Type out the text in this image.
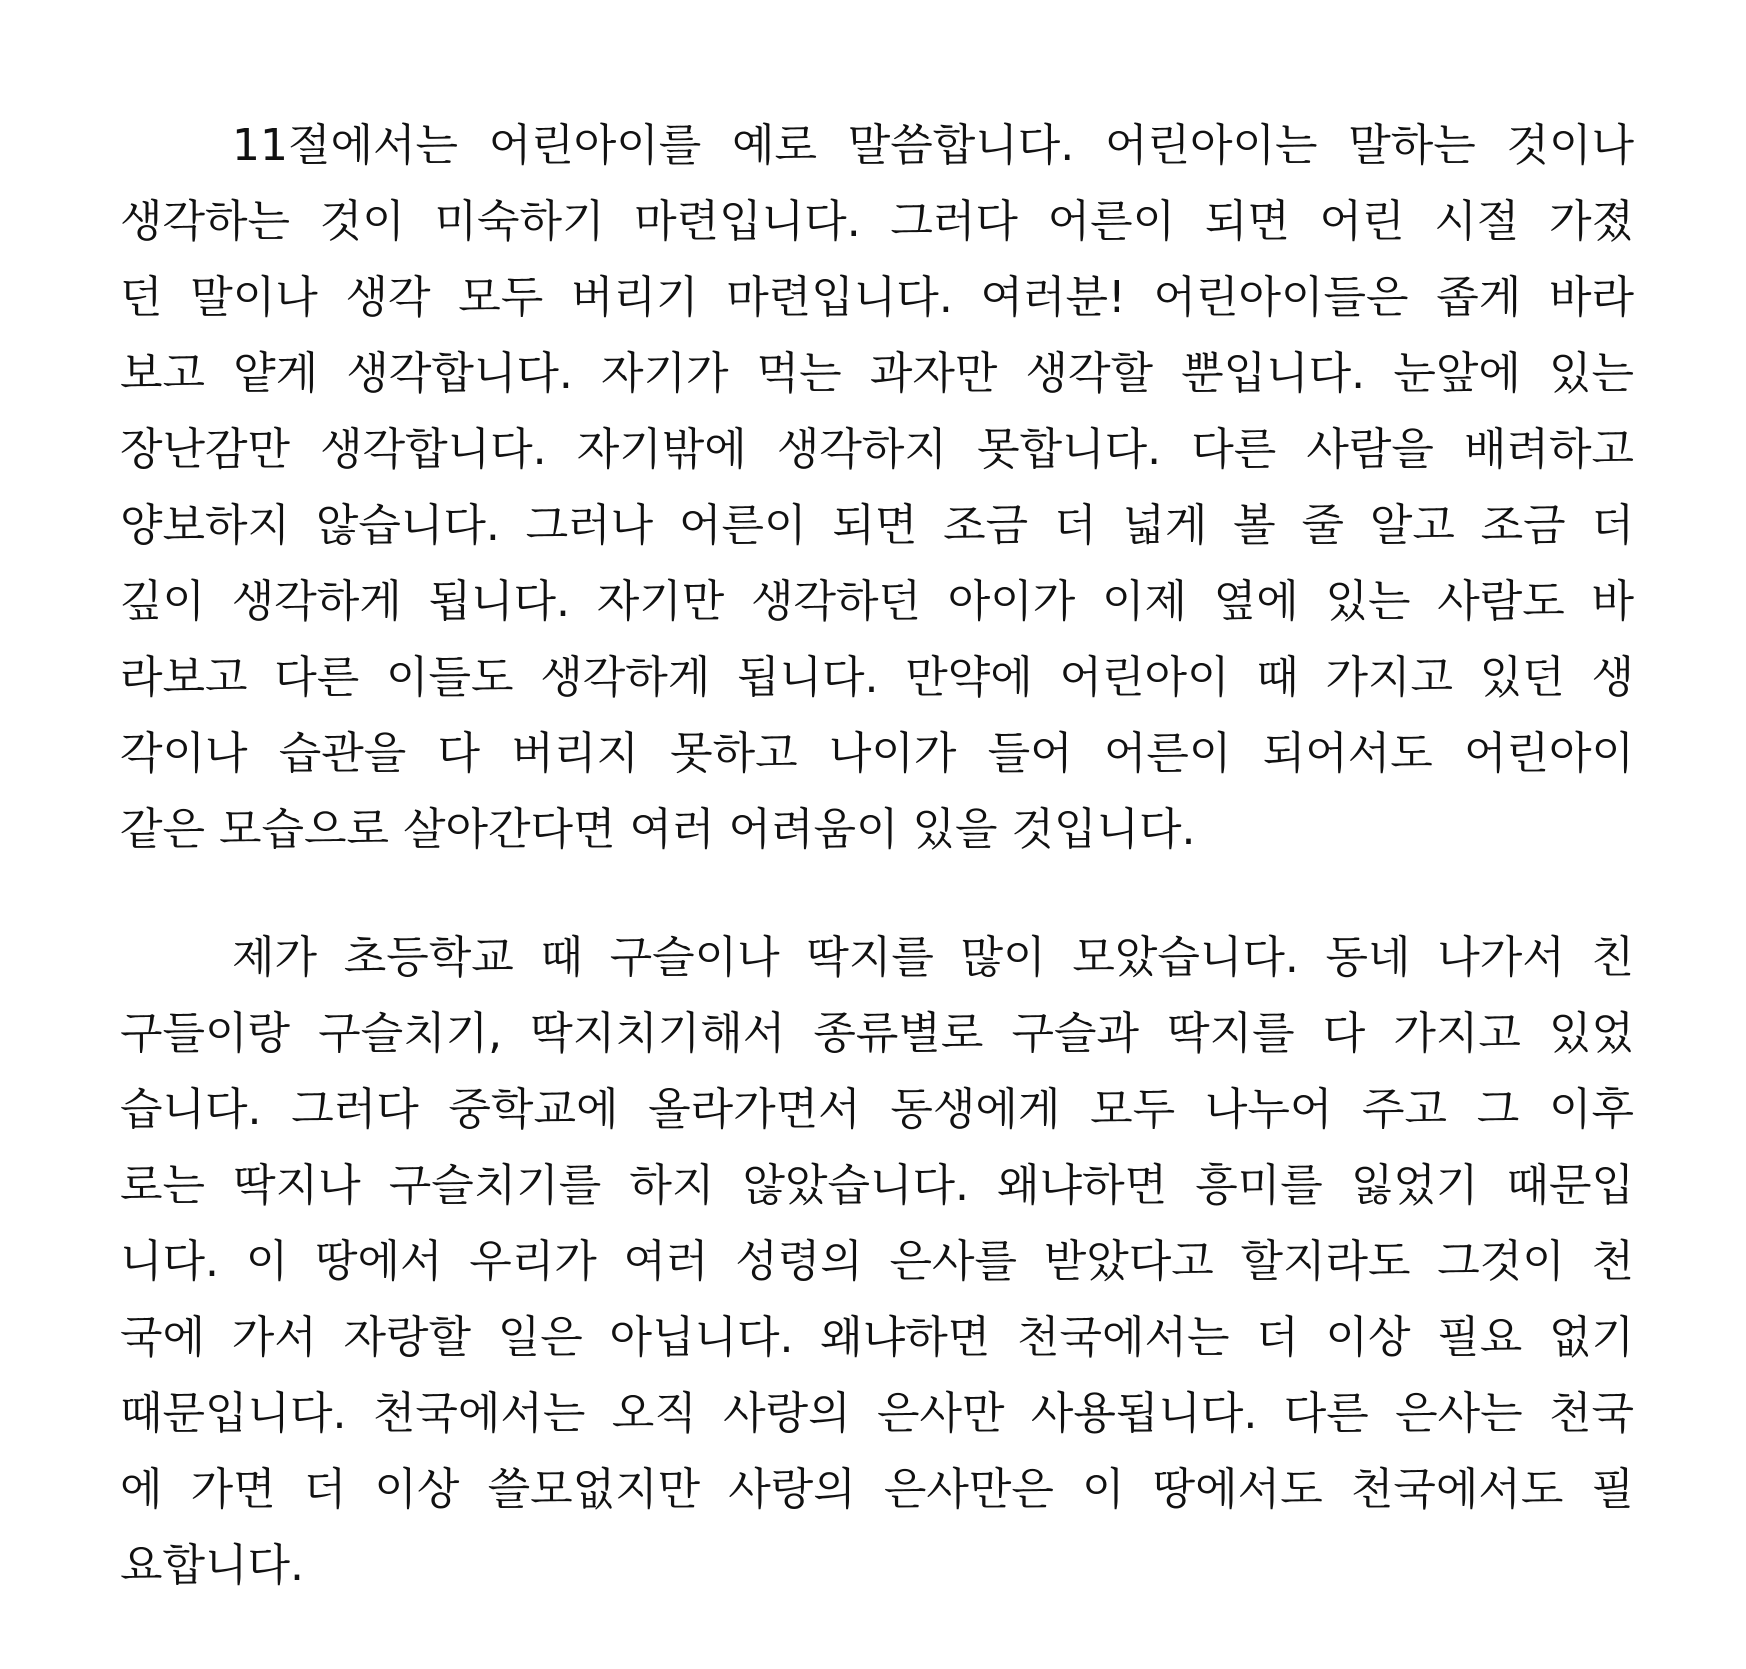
11절에서는 어린아이를 예로 말씀합니다. 어린아이는 말하는 것이나
생각하는 것이 미숙하기 마련입니다. 그러다 어른이 되면 어린 시절 가졌
던 말이나 생각 모두 버리기 마련입니다. 여러분! 어린아이들은 좁게 바라
보고 얕게 생각합니다. 자기가 먹는 과자만 생각할 뿐입니다. 눈앞에 있는
장난감만 생각합니다. 자기밖에 생각하지 못합니다. 다른 사람을 배려하고
양보하지 않습니다. 그러나 어른이 되면 조금 더 넓게 볼 줄 알고 조금 더
깊이 생각하게 됩니다. 자기만 생각하던 아이가 이제 옆에 있는 사람도 바
라보고 다른 이들도 생각하게 됩니다. 만약에 어린아이 때 가지고 있던 생
각이나 습관을 다 버리지 못하고 나이가 들어 어른이 되어서도 어린아이
같은 모습으로 살아간다면 여러 어려움이 있을 것입니다.
제가 초등학교 때 구슬이나 딱지를 많이 모았습니다. 동네 나가서 친
구들이랑 구슬치기, 딱지치기해서 종류별로 구슬과 딱지를 다 가지고 있었
습니다. 그러다 중학교에 올라가면서 동생에게 모두 나누어 주고 그 이후
로는 딱지나 구슬치기를 하지 않았습니다. 왜냐하면 흥미를 잃었기 때문입
니다. 이 땅에서 우리가 여러 성령의 은사를 받았다고 할지라도 그것이 천
국에 가서 자랑할 일은 아닙니다. 왜냐하면 천국에서는 더 이상 필요 없기
때문입니다. 천국에서는 오직 사랑의 은사만 사용됩니다. 다른 은사는 천국
에 가면 더 이상 쓸모없지만 사랑의 은사만은 이 땅에서도 천국에서도 필
요합니다.
